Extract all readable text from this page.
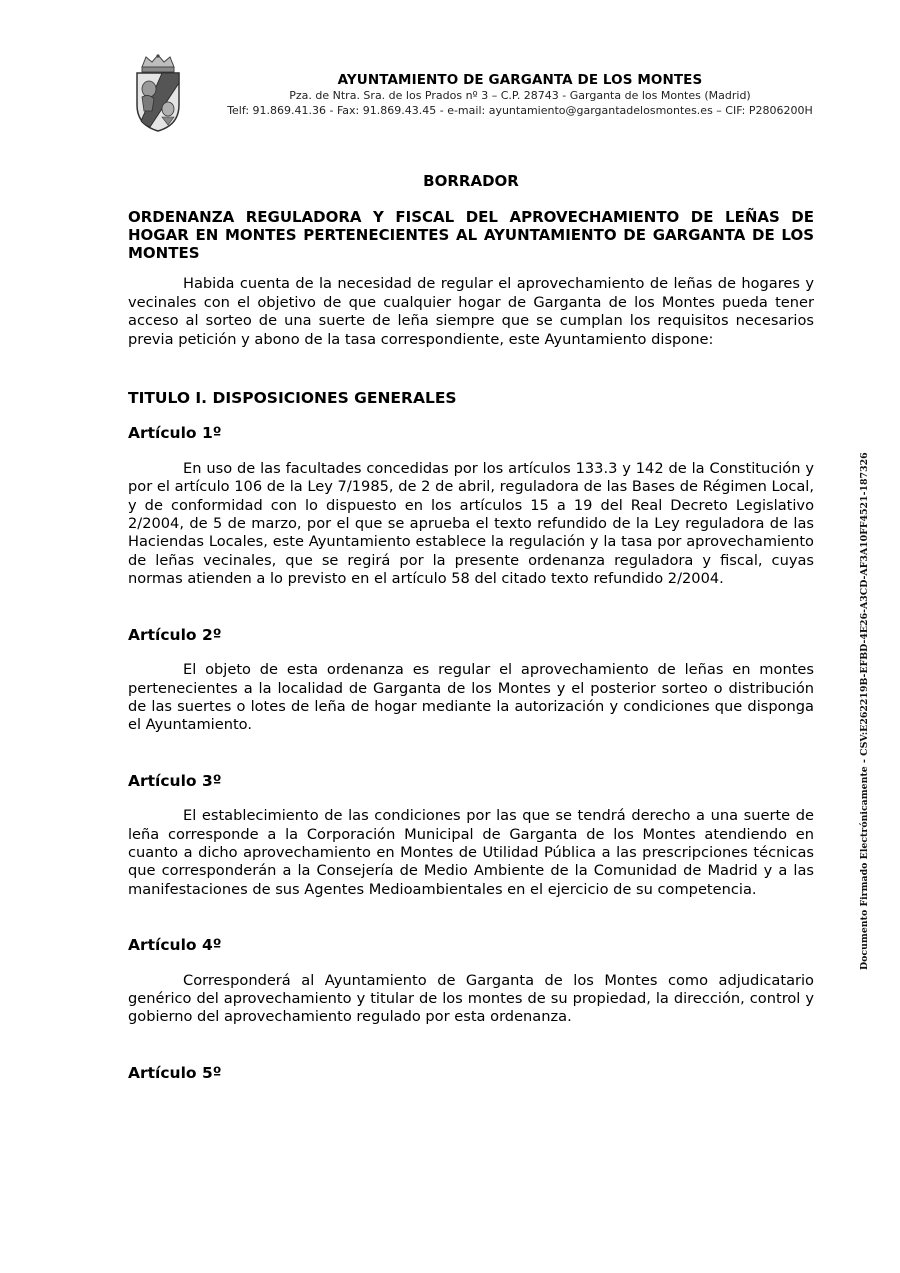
AYUNTAMIENTO DE GARGANTA DE LOS MONTES
Pza. de Ntra. Sra. de los Prados nº 3 – C.P. 28743 - Garganta de los Montes (Madrid)
Telf: 91.869.41.36 - Fax: 91.869.43.45 - e-mail: ayuntamiento@gargantadelosmontes.es – CIF: P2806200H

BORRADOR

ORDENANZA REGULADORA Y FISCAL DEL APROVECHAMIENTO DE LEÑAS DE HOGAR EN MONTES PERTENECIENTES AL AYUNTAMIENTO DE GARGANTA DE LOS MONTES

Habida cuenta de la necesidad de regular el aprovechamiento de leñas de hogares y vecinales con el objetivo de que cualquier hogar de Garganta de los Montes pueda tener acceso al sorteo de una suerte de leña siempre que se cumplan los requisitos necesarios previa petición y abono de la tasa correspondiente, este Ayuntamiento dispone:

TITULO I. DISPOSICIONES GENERALES

Artículo 1º

En uso de las facultades concedidas por los artículos 133.3 y 142 de la Constitución y por el artículo 106 de la Ley 7/1985, de 2 de abril, reguladora de las Bases de Régimen Local, y de conformidad con lo dispuesto en los artículos 15 a 19 del Real Decreto Legislativo 2/2004, de 5 de marzo, por el que se aprueba el texto refundido de la Ley reguladora de las Haciendas Locales, este Ayuntamiento establece la regulación y la tasa por aprovechamiento de leñas vecinales, que se regirá por la presente ordenanza reguladora y fiscal, cuyas normas atienden a lo previsto en el artículo 58 del citado texto refundido 2/2004.

Artículo 2º

El objeto de esta ordenanza es regular el aprovechamiento de leñas en montes pertenecientes a la localidad de Garganta de los Montes y el posterior sorteo o distribución de las suertes o lotes de leña de hogar mediante la autorización y condiciones que disponga el Ayuntamiento.

Artículo 3º

El establecimiento de las condiciones por las que se tendrá derecho a una suerte de leña corresponde a la Corporación Municipal de Garganta de los Montes atendiendo en cuanto a dicho aprovechamiento en Montes de Utilidad Pública a las prescripciones técnicas que corresponderán a la Consejería de Medio Ambiente de la Comunidad de Madrid y a las manifestaciones de sus Agentes Medioambientales en el ejercicio de su competencia.

Artículo 4º

Corresponderá al Ayuntamiento de Garganta de los Montes como adjudicatario genérico del aprovechamiento y titular de los montes de su propiedad, la dirección, control y gobierno del aprovechamiento regulado por esta ordenanza.

Artículo 5º

Documento Firmado Electrónicamente - CSV:E262219B-EFBD-4E26-A3CD-AF3A10FF4521-187326
